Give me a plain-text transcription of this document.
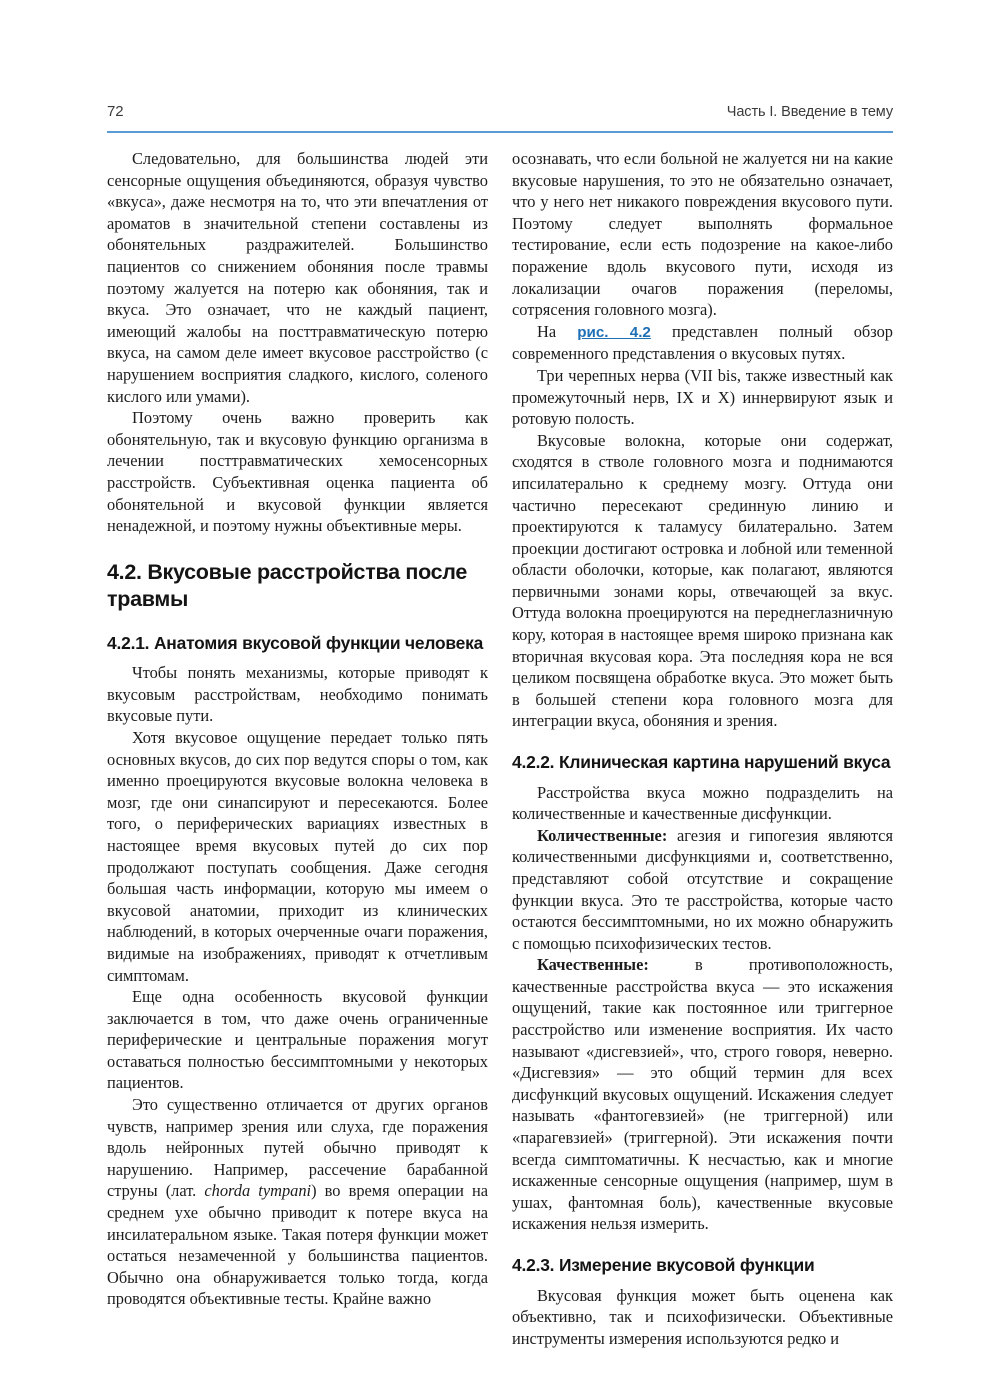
72	Часть I. Введение в тему

Следовательно, для большинства людей эти сенсорные ощущения объединяются, образуя чувство «вкуса», даже несмотря на то, что эти впечатления от ароматов в значительной степени составлены из обонятельных раздражителей. Большинство пациентов со снижением обоняния после травмы поэтому жалуется на потерю как обоняния, так и вкуса. Это означает, что не каждый пациент, имеющий жалобы на посттравматическую потерю вкуса, на самом деле имеет вкусовое расстройство (с нарушением восприятия сладкого, кислого, соленого кислого или умами).

Поэтому очень важно проверить как обонятельную, так и вкусовую функцию организма в лечении посттравматических хемосенсорных расстройств. Субъективная оценка пациента об обонятельной и вкусовой функции является ненадежной, и поэтому нужны объективные меры.

4.2. Вкусовые расстройства после травмы
4.2.1. Анатомия вкусовой функции человека

Чтобы понять механизмы, которые приводят к вкусовым расстройствам, необходимо понимать вкусовые пути.

Хотя вкусовое ощущение передает только пять основных вкусов, до сих пор ведутся споры о том, как именно проецируются вкусовые волокна человека в мозг, где они синапсируют и пересекаются. Более того, о периферических вариациях известных в настоящее время вкусовых путей до сих пор продолжают поступать сообщения. Даже сегодня большая часть информации, которую мы имеем о вкусовой анатомии, приходит из клинических наблюдений, в которых очерченные очаги поражения, видимые на изображениях, приводят к отчетливым симптомам.

Еще одна особенность вкусовой функции заключается в том, что даже очень ограниченные периферические и центральные поражения могут оставаться полностью бессимптомными у некоторых пациентов.

Это существенно отличается от других органов чувств, например зрения или слуха, где поражения вдоль нейронных путей обычно приводят к нарушению. Например, рассечение барабанной струны (лат. chorda tympani) во время операции на среднем ухе обычно приводит к потере вкуса на инсилатеральном языке. Такая потеря функции может остаться незамеченной у большинства пациентов. Обычно она обнаруживается только тогда, когда проводятся объективные тесты. Крайне важно

осознавать, что если больной не жалуется ни на какие вкусовые нарушения, то это не обязательно означает, что у него нет никакого повреждения вкусового пути. Поэтому следует выполнять формальное тестирование, если есть подозрение на какое-либо поражение вдоль вкусового пути, исходя из локализации очагов поражения (переломы, сотрясения головного мозга).

На рис. 4.2 представлен полный обзор современного представления о вкусовых путях.

Три черепных нерва (VII bis, также известный как промежуточный нерв, IX и X) иннервируют язык и ротовую полость.

Вкусовые волокна, которые они содержат, сходятся в стволе головного мозга и поднимаются ипсилатерально к среднему мозгу. Оттуда они частично пересекают срединную линию и проектируются к таламусу билатерально. Затем проекции достигают островка и лобной или теменной области оболочки, которые, как полагают, являются первичными зонами коры, отвечающей за вкус. Оттуда волокна проецируются на переднеглазничную кору, которая в настоящее время широко признана как вторичная вкусовая кора. Эта последняя кора не вся целиком посвящена обработке вкуса. Это может быть в большей степени кора головного мозга для интеграции вкуса, обоняния и зрения.

4.2.2. Клиническая картина нарушений вкуса

Расстройства вкуса можно подразделить на количественные и качественные дисфункции.

Количественные: агезия и гипогезия являются количественными дисфункциями и, соответственно, представляют собой отсутствие и сокращение функции вкуса. Это те расстройства, которые часто остаются бессимптомными, но их можно обнаружить с помощью психофизических тестов.

Качественные: в противоположность, качественные расстройства вкуса — это искажения ощущений, такие как постоянное или триггерное расстройство или изменение восприятия. Их часто называют «дисгевзией», что, строго говоря, неверно. «Дисгевзия» — это общий термин для всех дисфункций вкусовых ощущений. Искажения следует называть «фантогевзией» (не триггерной) или «парагевзией» (триггерной). Эти искажения почти всегда симптоматичны. К несчастью, как и многие искаженные сенсорные ощущения (например, шум в ушах, фантомная боль), качественные вкусовые искажения нельзя измерить.

4.2.3. Измерение вкусовой функции

Вкусовая функция может быть оценена как объективно, так и психофизически. Объективные инструменты измерения используются редко и
